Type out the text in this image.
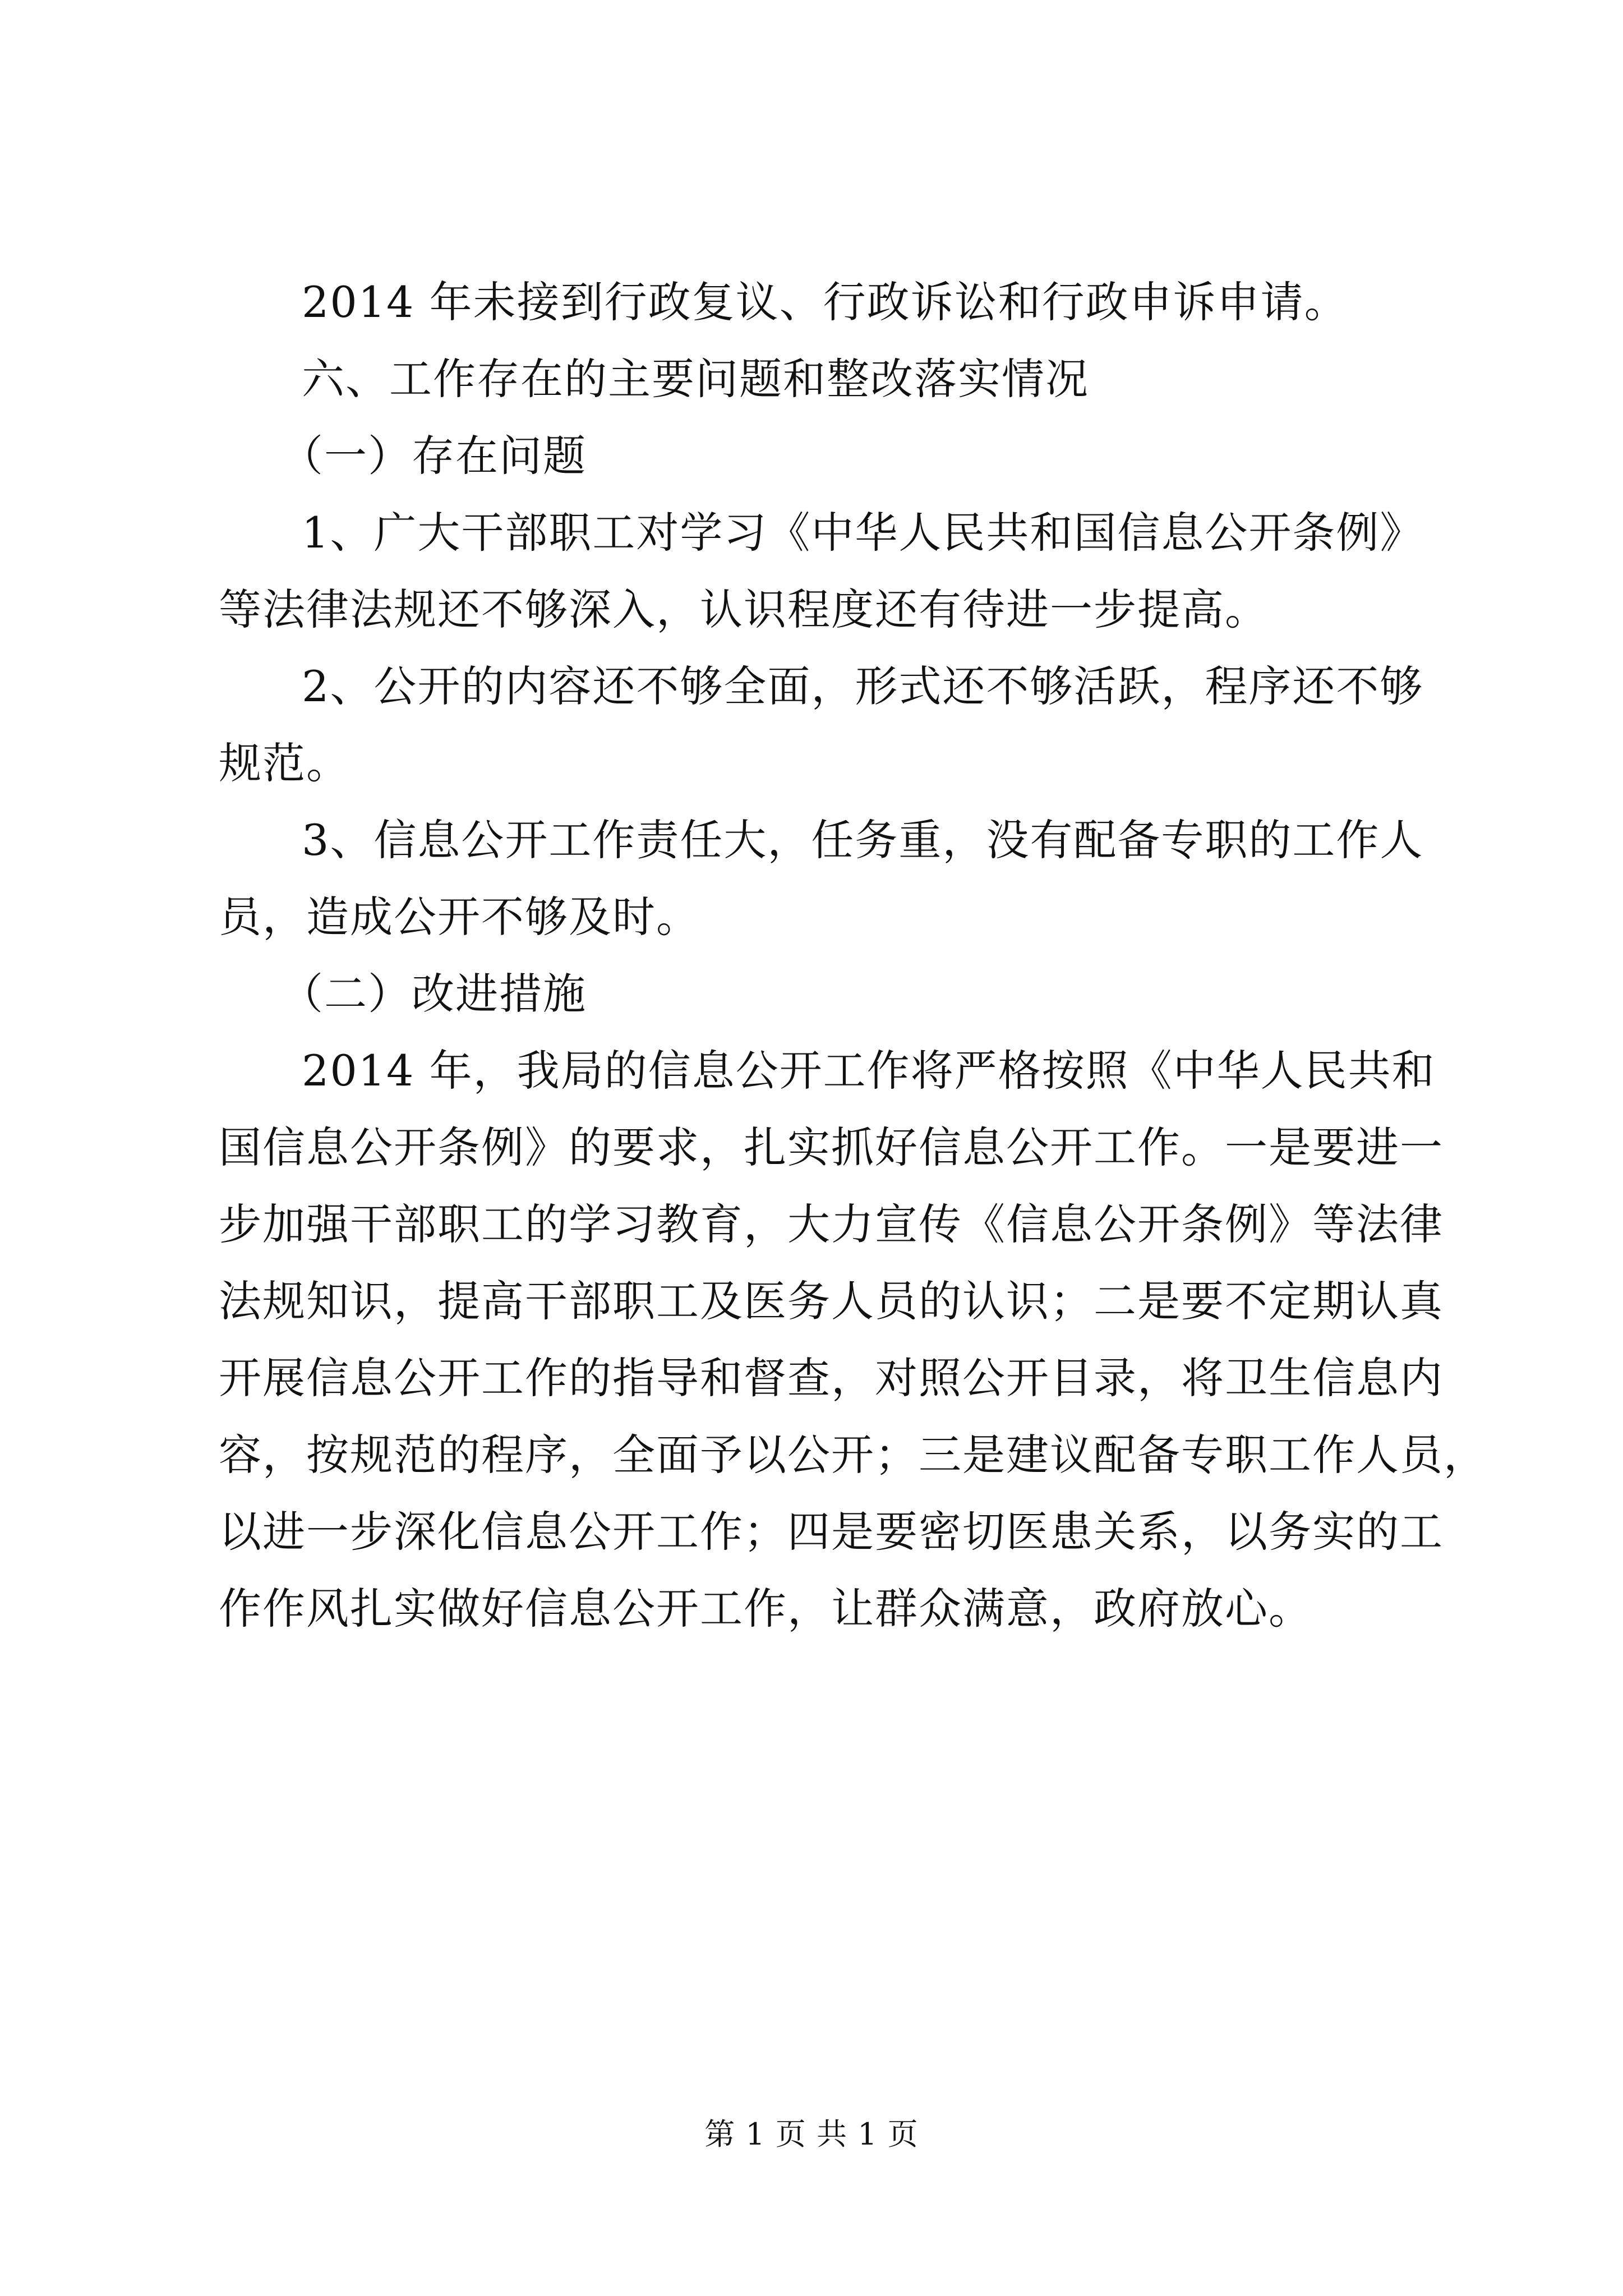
2014 年未接到行政复议、行政诉讼和行政申诉申请。
六、工作存在的主要问题和整改落实情况
（一）存在问题
1、广大干部职工对学习《中华人民共和国信息公开条例》
等法律法规还不够深入，认识程度还有待进一步提高。
2、公开的内容还不够全面，形式还不够活跃，程序还不够
规范。
3、信息公开工作责任大，任务重，没有配备专职的工作人
员，造成公开不够及时。
（二）改进措施
2014 年，我局的信息公开工作将严格按照《中华人民共和
国信息公开条例》的要求，扎实抓好信息公开工作。一是要进一
步加强干部职工的学习教育，大力宣传《信息公开条例》等法律
法规知识，提高干部职工及医务人员的认识；二是要不定期认真
开展信息公开工作的指导和督查，对照公开目录，将卫生信息内
容，按规范的程序，全面予以公开；三是建议配备专职工作人员，
以进一步深化信息公开工作；四是要密切医患关系，以务实的工
作作风扎实做好信息公开工作，让群众满意，政府放心。
第 1 页 共 1 页
